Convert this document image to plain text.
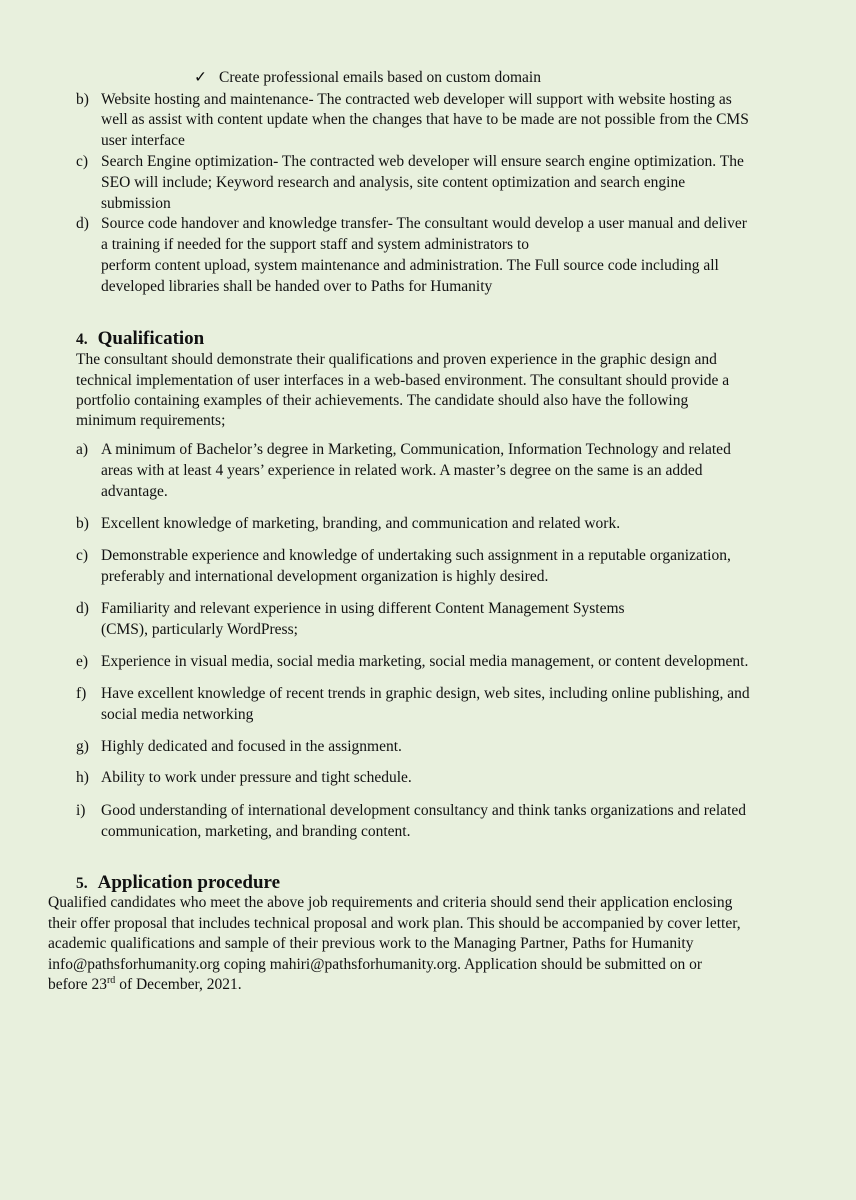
✓ Create professional emails based on custom domain
b) Website hosting and maintenance- The contracted web developer will support with website hosting as
well as assist with content update when the changes that have to be made are not possible from the CMS
user interface
c) Search Engine optimization- The contracted web developer will ensure search engine optimization. The
SEO will include; Keyword research and analysis, site content optimization and search engine
submission
d) Source code handover and knowledge transfer- The consultant would develop a user manual and deliver
a training if needed for the support staff and system administrators to
perform content upload, system maintenance and administration. The Full source code including all
developed libraries shall be handed over to Paths for Humanity
4. Qualification
The consultant should demonstrate their qualifications and proven experience in the graphic design and
technical implementation of user interfaces in a web-based environment. The consultant should provide a
portfolio containing examples of their achievements. The candidate should also have the following
minimum requirements;
a) A minimum of Bachelor’s degree in Marketing, Communication, Information Technology and related
areas with at least 4 years’ experience in related work. A master’s degree on the same is an added
advantage.
b) Excellent knowledge of marketing, branding, and communication and related work.
c) Demonstrable experience and knowledge of undertaking such assignment in a reputable organization,
preferably and international development organization is highly desired.
d) Familiarity and relevant experience in using different Content Management Systems
(CMS), particularly WordPress;
e) Experience in visual media, social media marketing, social media management, or content development.
f) Have excellent knowledge of recent trends in graphic design, web sites, including online publishing, and
social media networking
g) Highly dedicated and focused in the assignment.
h) Ability to work under pressure and tight schedule.
i) Good understanding of international development consultancy and think tanks organizations and related
communication, marketing, and branding content.
5. Application procedure
Qualified candidates who meet the above job requirements and criteria should send their application enclosing
their offer proposal that includes technical proposal and work plan. This should be accompanied by cover letter,
academic qualifications and sample of their previous work to the Managing Partner, Paths for Humanity
info@pathsforhumanity.org coping mahiri@pathsforhumanity.org. Application should be submitted on or
before 23rd of December, 2021.
